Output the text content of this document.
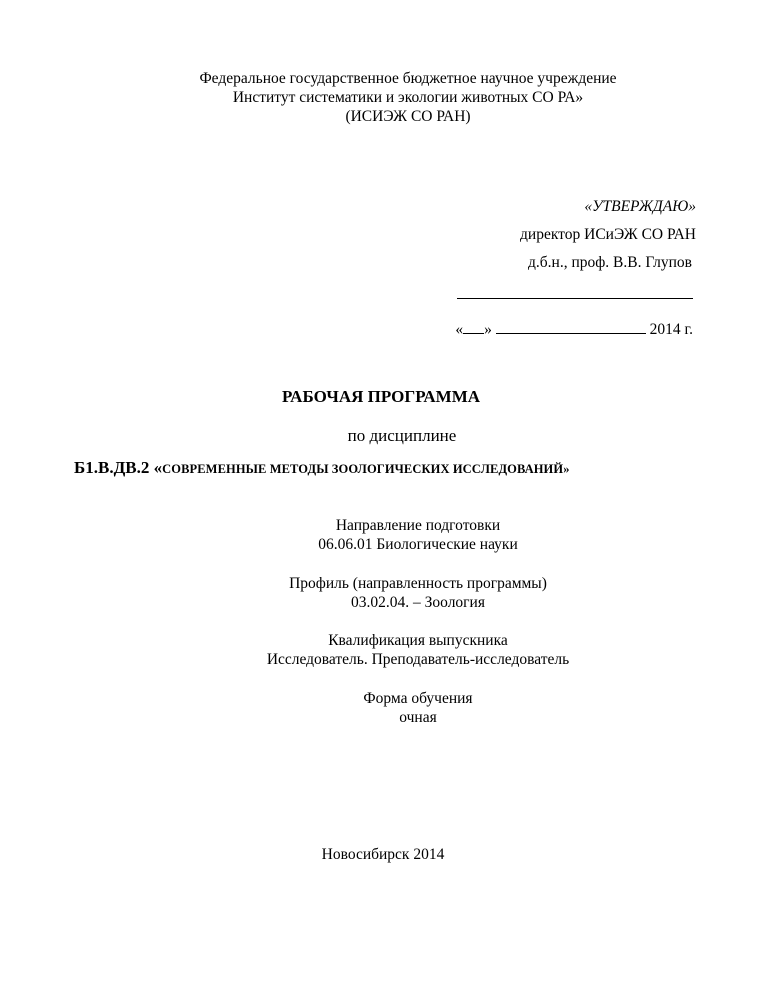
Федеральное государственное бюджетное научное учреждение
Институт систематики и экологии животных СО РА»
(ИСИЭЖ СО РАН)
«УТВЕРЖДАЮ»
директор ИСиЭЖ СО РАН
д.б.н., проф. В.В. Глупов
« »	2014 г.
РАБОЧАЯ ПРОГРАММА
по дисциплине
Б1.В.ДВ.2 «СОВРЕМЕННЫЕ МЕТОДЫ ЗООЛОГИЧЕСКИХ ИССЛЕДОВАНИЙ»
Направление подготовки
06.06.01 Биологические науки
Профиль (направленность программы)
03.02.04. – Зоология
Квалификация выпускника
Исследователь. Преподаватель-исследователь
Форма обучения
очная
Новосибирск 2014
